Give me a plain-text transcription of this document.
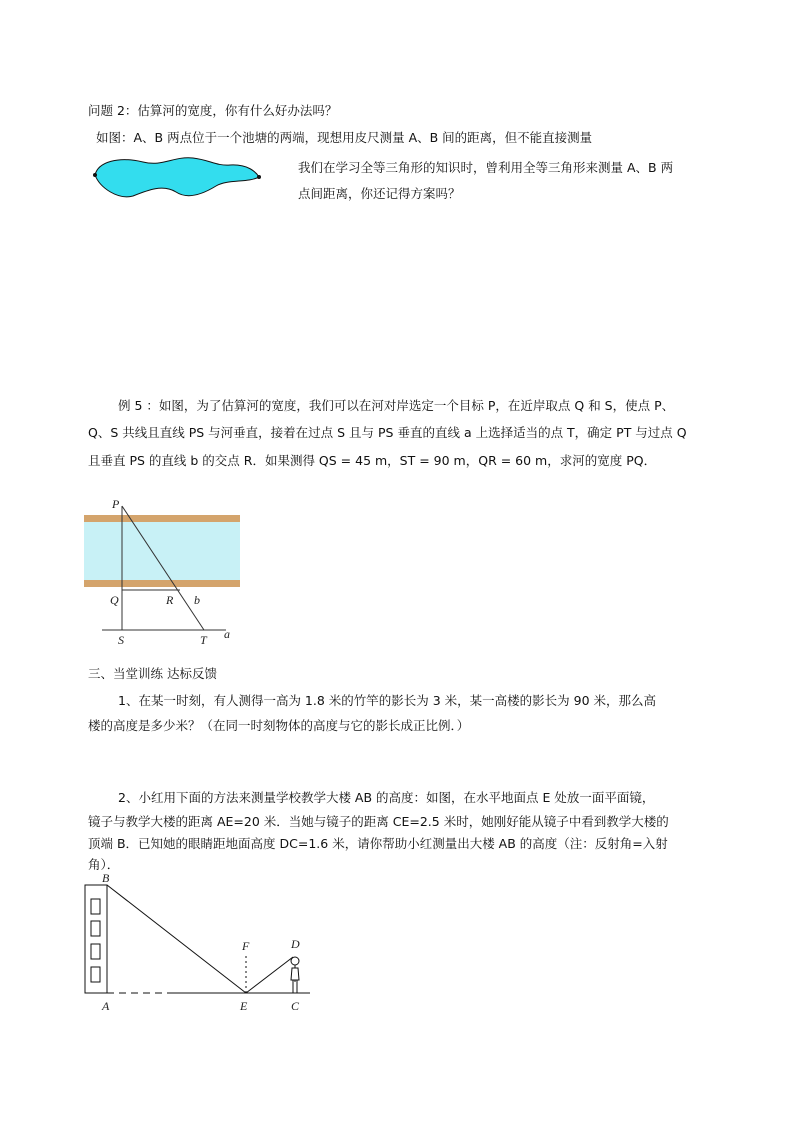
问题 2：估算河的宽度，你有什么好办法吗？
如图：A、B 两点位于一个池塘的两端，现想用皮尺测量 A、B 间的距离，但不能直接测量
我们在学习全等三角形的知识时，曾利用全等三角形来测量 A、B 两
点间距离，你还记得方案吗？
例 5 ：如图，为了估算河的宽度，我们可以在河对岸选定一个目标 P，在近岸取点 Q 和 S，使点 P、
Q、S 共线且直线 PS 与河垂直，接着在过点 S 且与 PS 垂直的直线 a 上选择适当的点 T，确定 PT 与过点 Q
且垂直 PS 的直线 b 的交点 R．如果测得 QS = 45 m，ST = 90 m，QR = 60 m，求河的宽度 PQ．
P
Q	R b
S	T a
三、当堂训练 达标反馈
1、在某一时刻，有人测得一高为 1.8 米的竹竿的影长为 3 米，某一高楼的影长为 90 米，那么高
楼的高度是多少米？（在同一时刻物体的高度与它的影长成正比例．）
2、小红用下面的方法来测量学校教学大楼 AB 的高度：如图，在水平地面点 E 处放一面平面镜，
镜子与教学大楼的距离 AE=20 米．当她与镜子的距离 CE=2.5 米时，她刚好能从镜子中看到教学大楼的
顶端 B．已知她的眼睛距地面高度 DC=1.6 米，请你帮助小红测量出大楼 AB 的高度（注：反射角=入射
角）．
B
A
F	D
E	C
